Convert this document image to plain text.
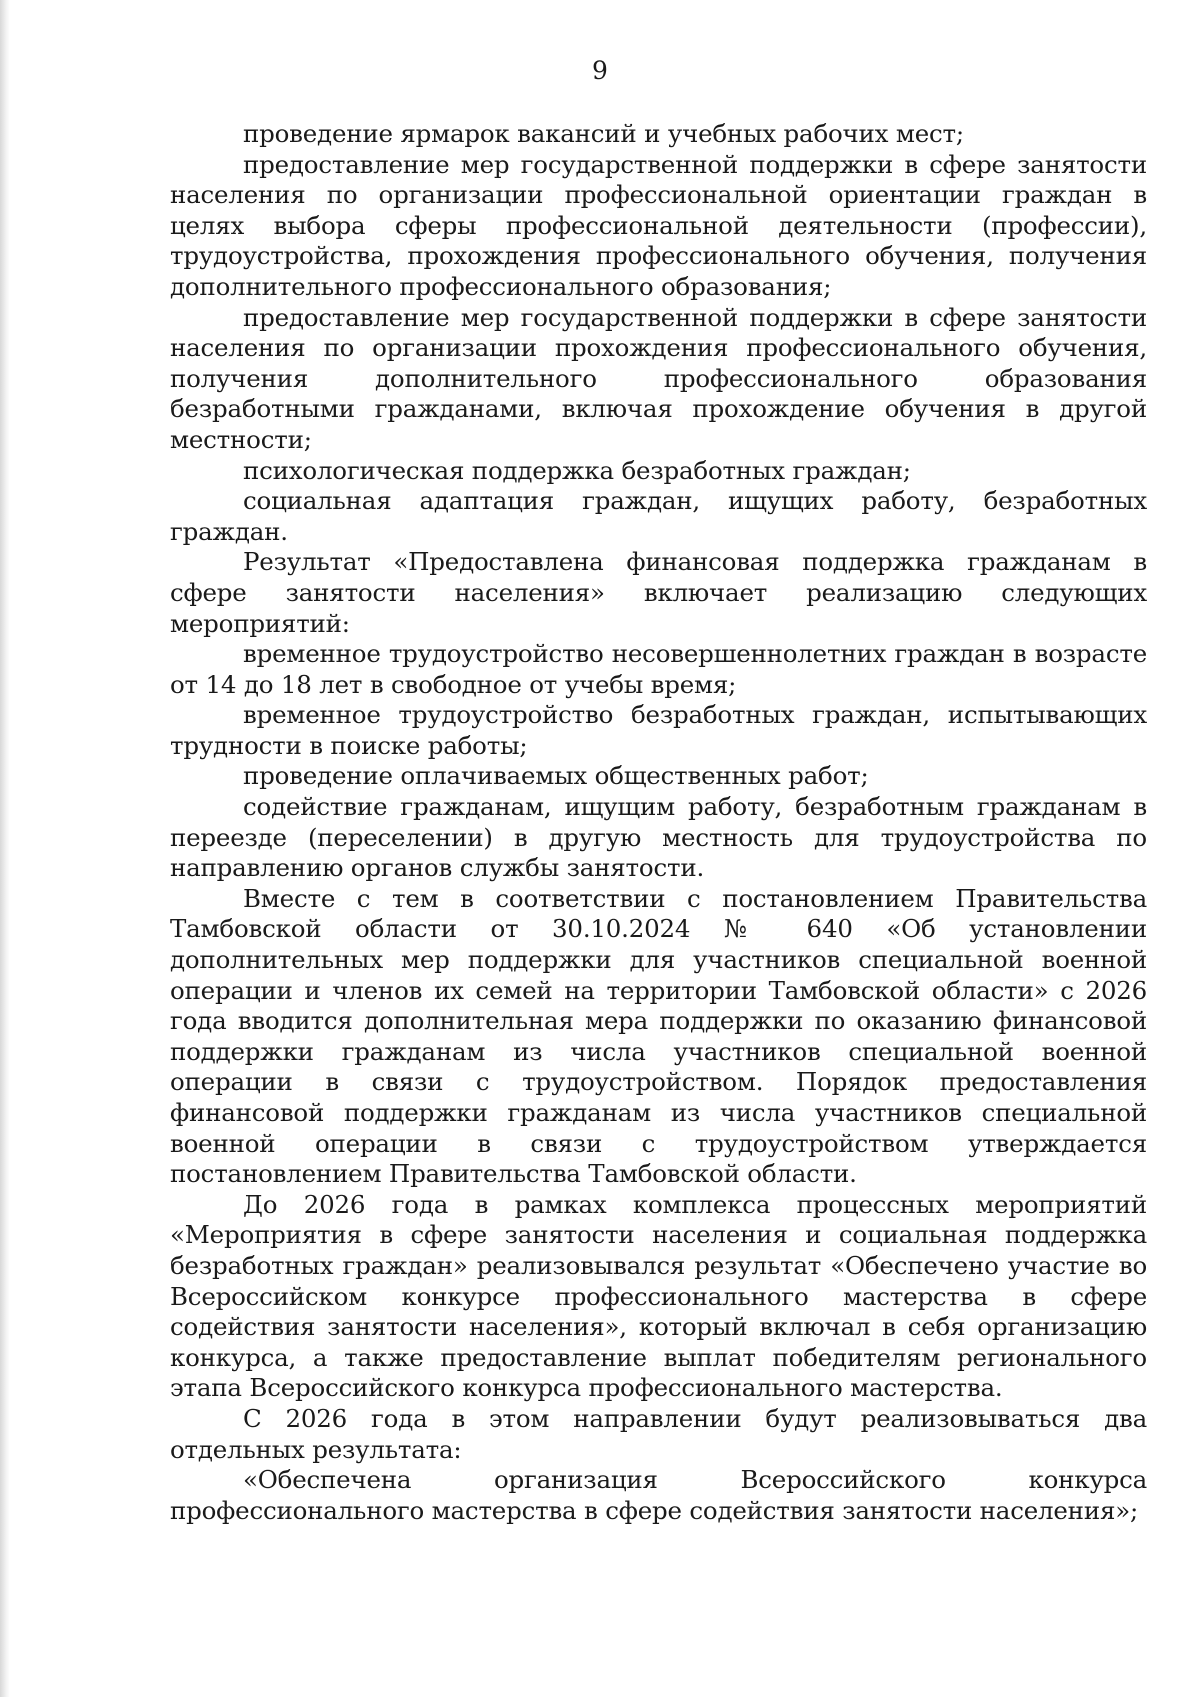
9

проведение ярмарок вакансий и учебных рабочих мест;

предоставление мер государственной поддержки в сфере занятости населения по организации профессиональной ориентации граждан в целях выбора сферы профессиональной деятельности (профессии), трудоустройства, прохождения профессионального обучения, получения дополнительного профессионального образования;

предоставление мер государственной поддержки в сфере занятости населения по организации прохождения профессионального обучения, получения дополнительного профессионального образования безработными гражданами, включая прохождение обучения в другой местности;

психологическая поддержка безработных граждан;

социальная адаптация граждан, ищущих работу, безработных граждан.

Результат «Предоставлена финансовая поддержка гражданам в сфере занятости населения» включает реализацию следующих мероприятий:

временное трудоустройство несовершеннолетних граждан в возрасте от 14 до 18 лет в свободное от учебы время;

временное трудоустройство безработных граждан, испытывающих трудности в поиске работы;

проведение оплачиваемых общественных работ;

содействие гражданам, ищущим работу, безработным гражданам в переезде (переселении) в другую местность для трудоустройства по направлению органов службы занятости.

Вместе с тем в соответствии с постановлением Правительства Тамбовской области от 30.10.2024 № 640 «Об установлении дополнительных мер поддержки для участников специальной военной операции и членов их семей на территории Тамбовской области» с 2026 года вводится дополнительная мера поддержки по оказанию финансовой поддержки гражданам из числа участников специальной военной операции в связи с трудоустройством. Порядок предоставления финансовой поддержки гражданам из числа участников специальной военной операции в связи с трудоустройством утверждается постановлением Правительства Тамбовской области.

До 2026 года в рамках комплекса процессных мероприятий «Мероприятия в сфере занятости населения и социальная поддержка безработных граждан» реализовывался результат «Обеспечено участие во Всероссийском конкурсе профессионального мастерства в сфере содействия занятости населения», который включал в себя организацию конкурса, а также предоставление выплат победителям регионального этапа Всероссийского конкурса профессионального мастерства.

С 2026 года в этом направлении будут реализовываться два отдельных результата:

«Обеспечена организация Всероссийского конкурса профессионального мастерства в сфере содействия занятости населения»;
